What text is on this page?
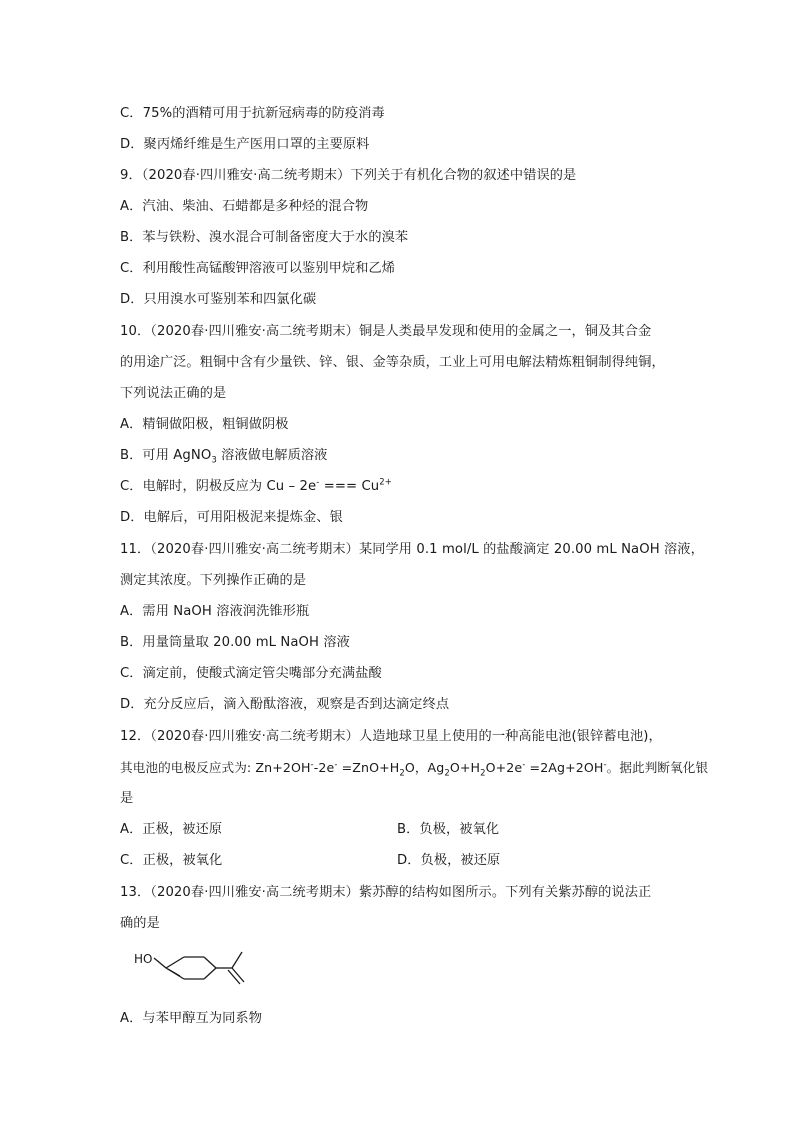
C．75%的酒精可用于抗新冠病毒的防疫消毒
D．聚丙烯纤维是生产医用口罩的主要原料
9．（2020春·四川雅安·高二统考期末）下列关于有机化合物的叙述中错误的是
A．汽油、柴油、石蜡都是多种烃的混合物
B．苯与铁粉、溴水混合可制备密度大于水的溴苯
C．利用酸性高锰酸钾溶液可以鉴别甲烷和乙烯
D．只用溴水可鉴别苯和四氯化碳
10．（2020春·四川雅安·高二统考期末）铜是人类最早发现和使用的金属之一，铜及其合金
的用途广泛。粗铜中含有少量铁、锌、银、金等杂质，工业上可用电解法精炼粗铜制得纯铜，
下列说法正确的是
A．精铜做阳极，粗铜做阴极
B．可用 AgNO$_3$ 溶液做电解质溶液
C．电解时，阴极反应为 Cu – 2e- === $Cu^{2+}$
D．电解后，可用阳极泥来提炼金、银
11．（2020春·四川雅安·高二统考期末）某同学用 0.1 mol/L 的盐酸滴定 20.00 mL NaOH 溶液，
测定其浓度。下列操作正确的是
A．需用 NaOH 溶液润洗锥形瓶
B．用量筒量取 20.00 mL NaOH 溶液
C．滴定前，使酸式滴定管尖嘴部分充满盐酸
D．充分反应后，滴入酚酞溶液，观察是否到达滴定终点
12．（2020春·四川雅安·高二统考期末）人造地球卫星上使用的一种高能电池(银锌蓄电池)，
其电池的电极反应式为: $Zn+2OH^--2e^- =ZnO+H_2O$，$Ag_2O+H_2O+2e^- =2Ag+2OH^-$。据此判断氧化银
是
A．正极，被还原	B．负极，被氧化
C．正极，被氧化	D．负极，被还原
13．（2020春·四川雅安·高二统考期末）紫苏醇的结构如图所示。下列有关紫苏醇的说法正
确的是
HO
A．与苯甲醇互为同系物
